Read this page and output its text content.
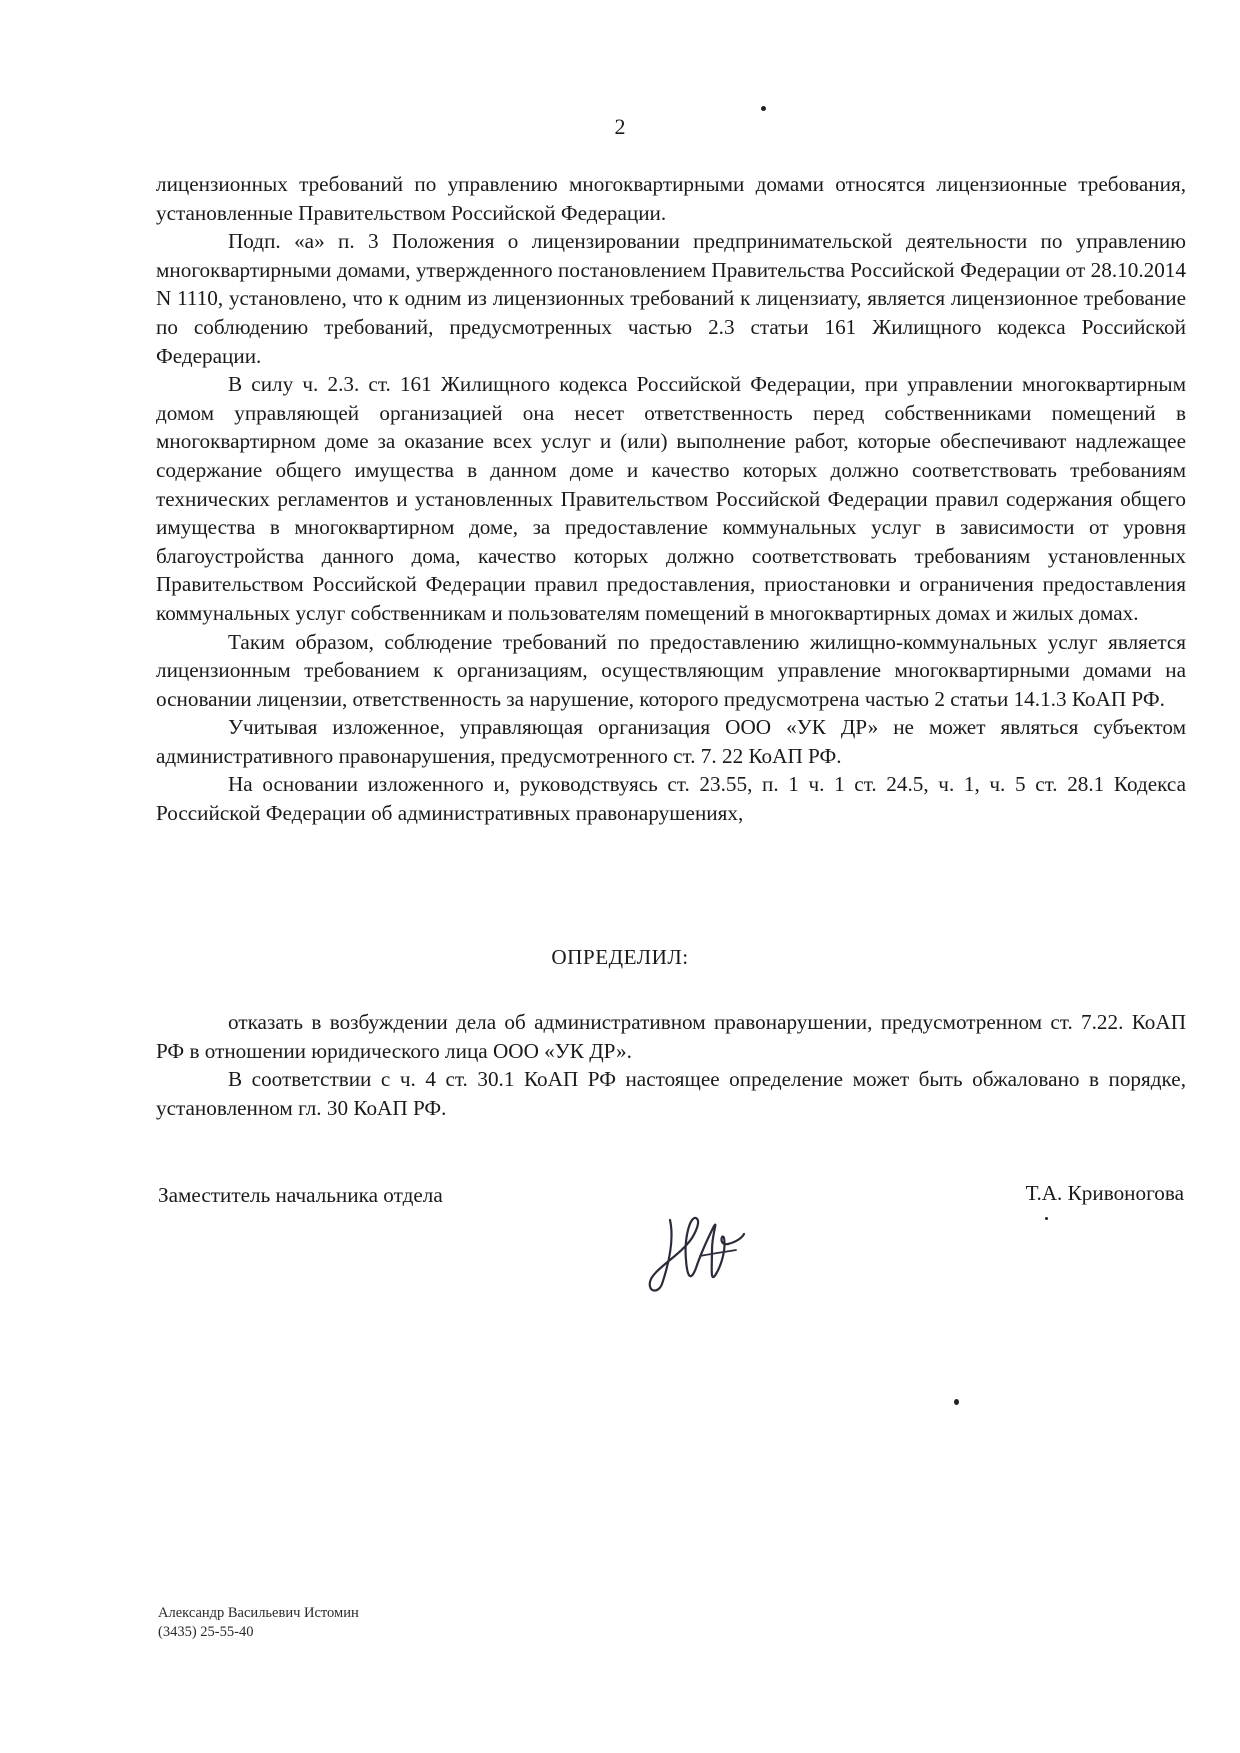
2

лицензионных требований по управлению многоквартирными домами относятся лицензионные требования, установленные Правительством Российской Федерации.

Подп. «а» п. 3 Положения о лицензировании предпринимательской деятельности по управлению многоквартирными домами, утвержденного постановлением Правительства Российской Федерации от 28.10.2014 N 1110, установлено, что к одним из лицензионных требований к лицензиату, является лицензионное требование по соблюдению требований, предусмотренных частью 2.3 статьи 161 Жилищного кодекса Российской Федерации.

В силу ч. 2.3. ст. 161 Жилищного кодекса Российской Федерации, при управлении многоквартирным домом управляющей организацией она несет ответственность перед собственниками помещений в многоквартирном доме за оказание всех услуг и (или) выполнение работ, которые обеспечивают надлежащее содержание общего имущества в данном доме и качество которых должно соответствовать требованиям технических регламентов и установленных Правительством Российской Федерации правил содержания общего имущества в многоквартирном доме, за предоставление коммунальных услуг в зависимости от уровня благоустройства данного дома, качество которых должно соответствовать требованиям установленных Правительством Российской Федерации правил предоставления, приостановки и ограничения предоставления коммунальных услуг собственникам и пользователям помещений в многоквартирных домах и жилых домах.

Таким образом, соблюдение требований по предоставлению жилищно-коммунальных услуг является лицензионным требованием к организациям, осуществляющим управление многоквартирными домами на основании лицензии, ответственность за нарушение, которого предусмотрена частью 2 статьи 14.1.3 КоАП РФ.

Учитывая изложенное, управляющая организация ООО «УК ДР» не может являться субъектом административного правонарушения, предусмотренного ст. 7. 22 КоАП РФ.

На основании изложенного и, руководствуясь ст. 23.55, п. 1 ч. 1 ст. 24.5, ч. 1, ч. 5 ст. 28.1 Кодекса Российской Федерации об административных правонарушениях,

ОПРЕДЕЛИЛ:

отказать в возбуждении дела об административном правонарушении, предусмотренном ст. 7.22. КоАП РФ в отношении юридического лица ООО «УК ДР».

В соответствии с ч. 4 ст. 30.1 КоАП РФ настоящее определение может быть обжаловано в порядке, установленном гл. 30 КоАП РФ.

Заместитель начальника отдела	Т.А. Кривоногова
Александр Васильевич Истомин
(3435) 25-55-40
